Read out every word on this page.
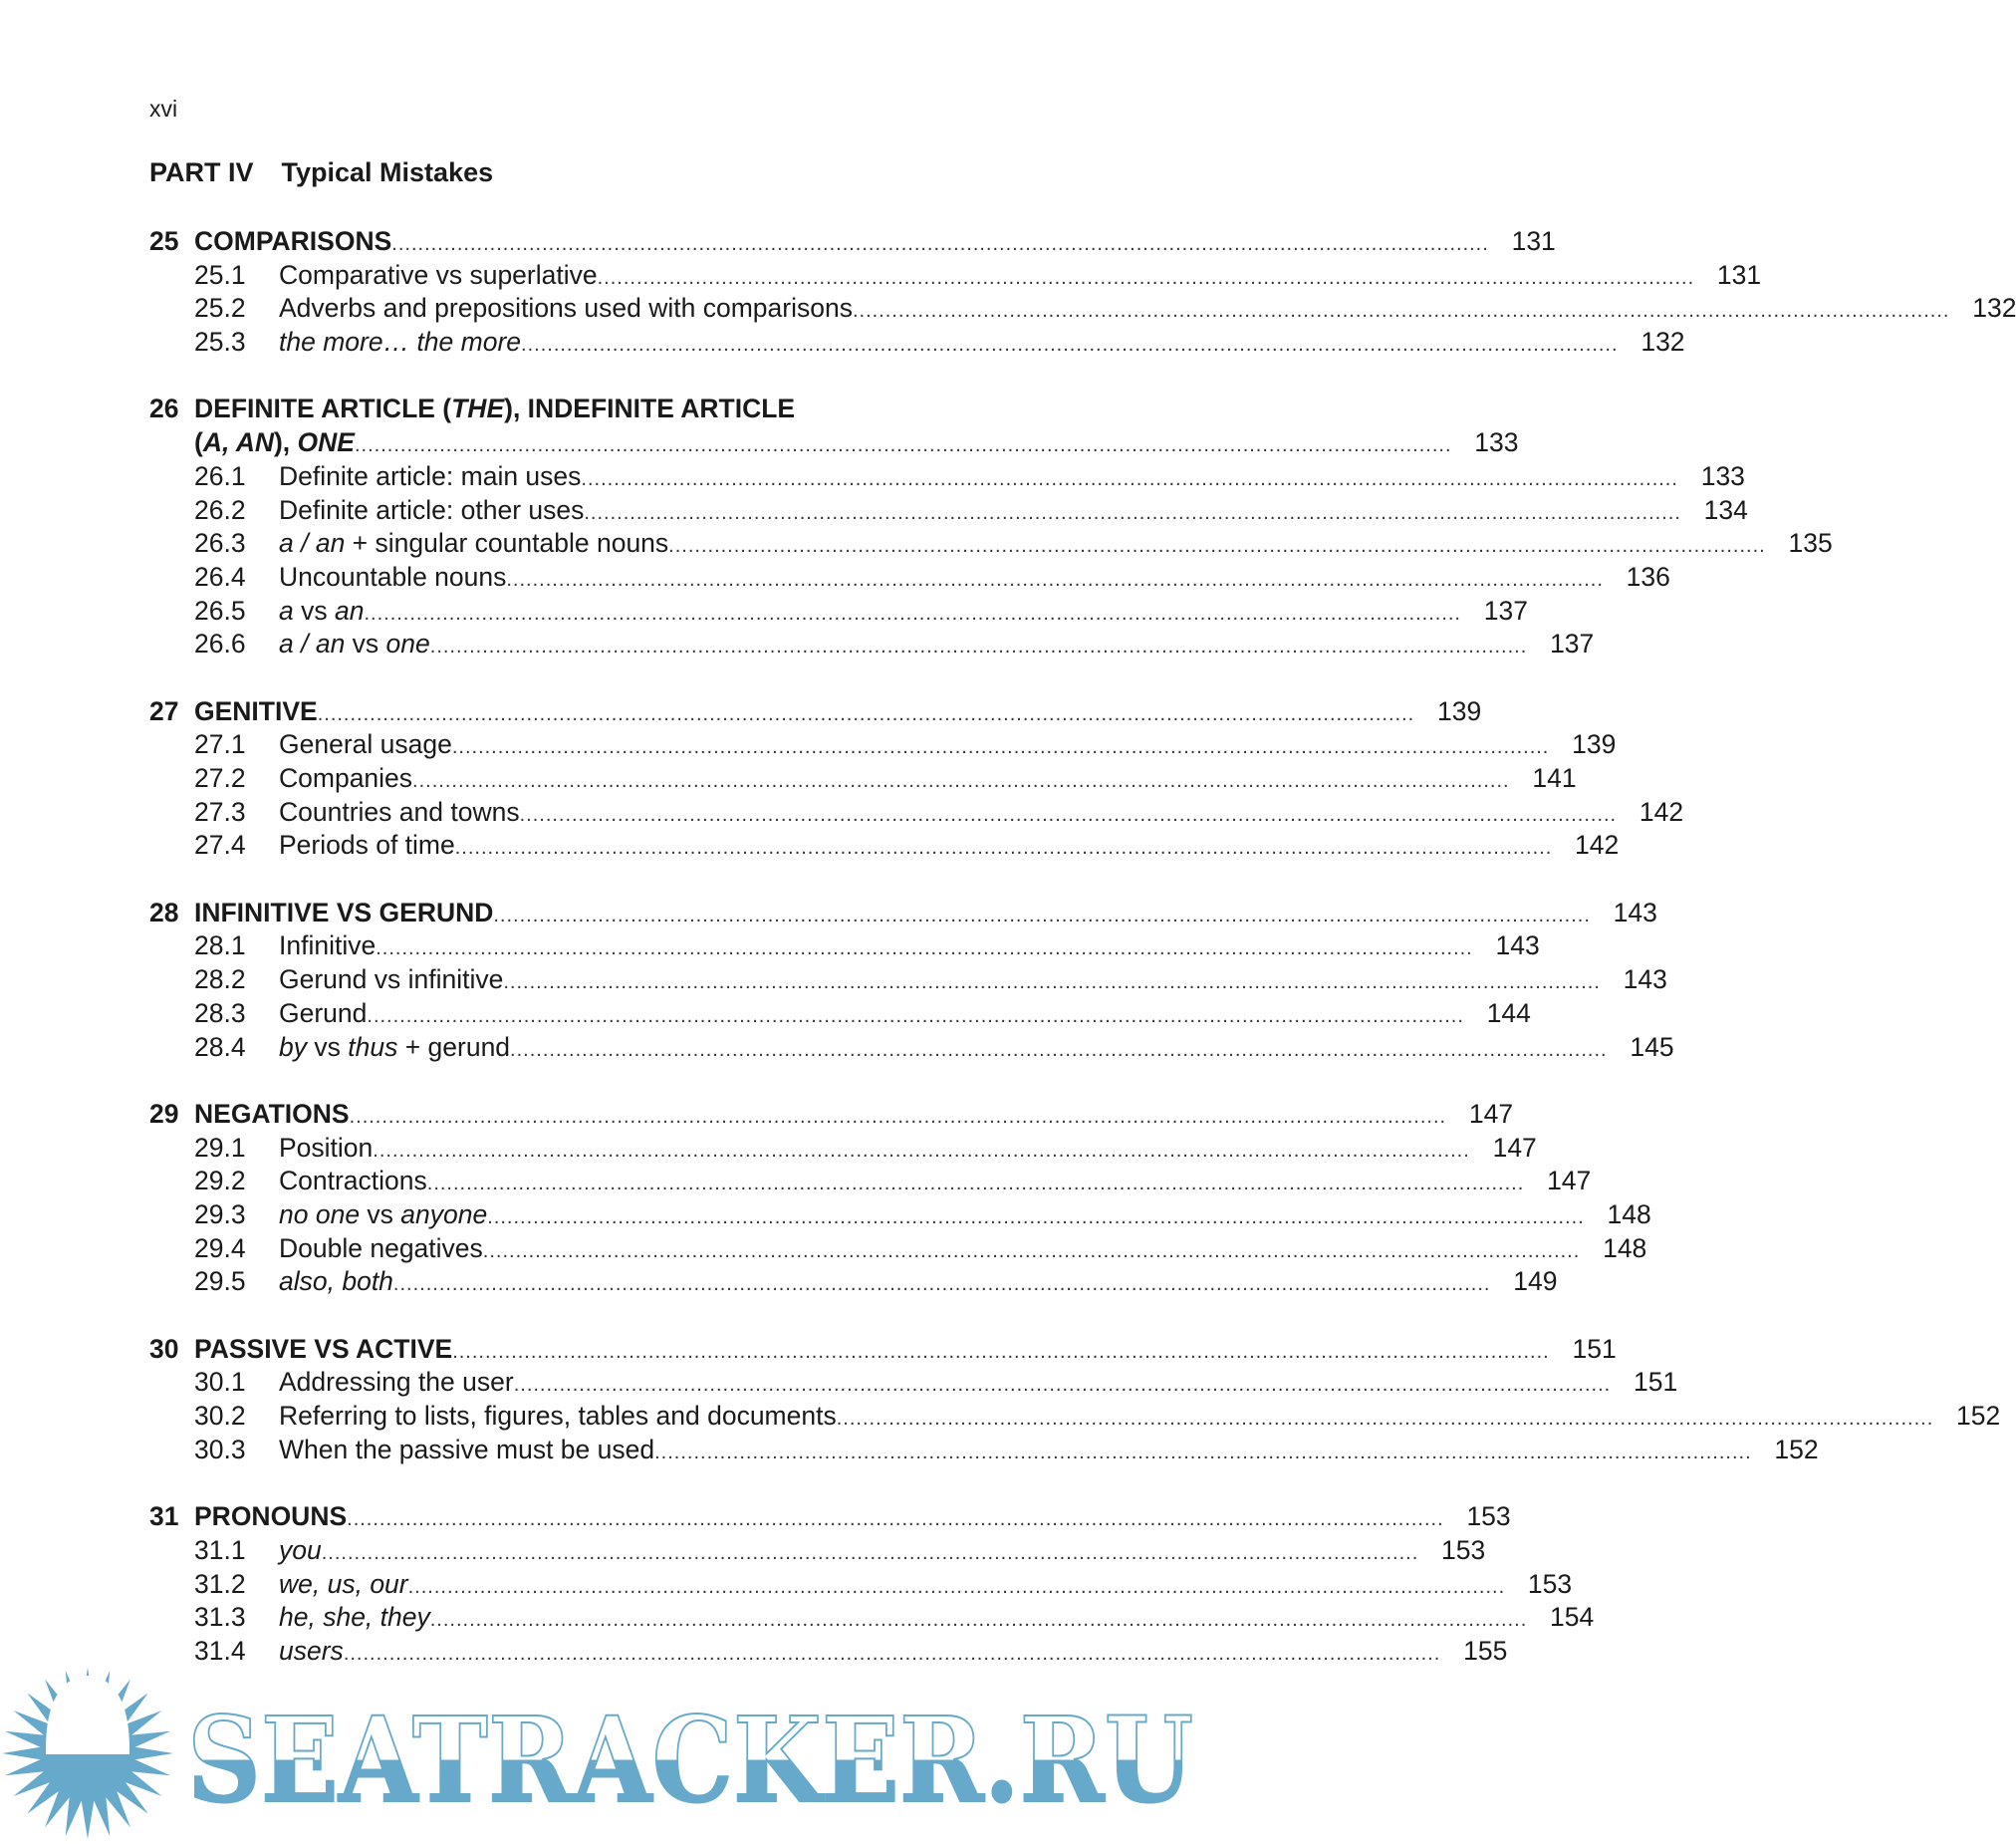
xvi
PART IV Typical Mistakes
25 COMPARISONS .....	131
25.1	Comparative vs superlative .....	131
25.2	Adverbs and prepositions used with comparisons .....	132
25.3	the more… the more .....	132
26 DEFINITE ARTICLE (THE), INDEFINITE ARTICLE
(A, AN), ONE .....	133
26.1	Definite article: main uses .....	133
26.2	Definite article: other uses .....	134
26.3	a / an + singular countable nouns .....	135
26.4	Uncountable nouns .....	136
26.5	a vs an .....	137
26.6	a / an vs one .....	137
27 GENITIVE .....	139
27.1	General usage .....	139
27.2	Companies .....	141
27.3	Countries and towns .....	142
27.4	Periods of time .....	142
28 INFINITIVE VS GERUND .....	143
28.1	Infinitive .....	143
28.2	Gerund vs infinitive .....	143
28.3	Gerund .....	144
28.4	by vs thus + gerund .....	145
29 NEGATIONS .....	147
29.1	Position .....	147
29.2	Contractions .....	147
29.3	no one vs anyone .....	148
29.4	Double negatives .....	148
29.5	also, both .....	149
30 PASSIVE VS ACTIVE .....	151
30.1	Addressing the user .....	151
30.2	Referring to lists, figures, tables and documents .....	152
30.3	When the passive must be used .....	152
31 PRONOUNS .....	153
31.1	you .....	153
31.2	we, us, our .....	153
31.3	he, she, they .....	154
31.4	users .....	155
SEATRACKER.RU
